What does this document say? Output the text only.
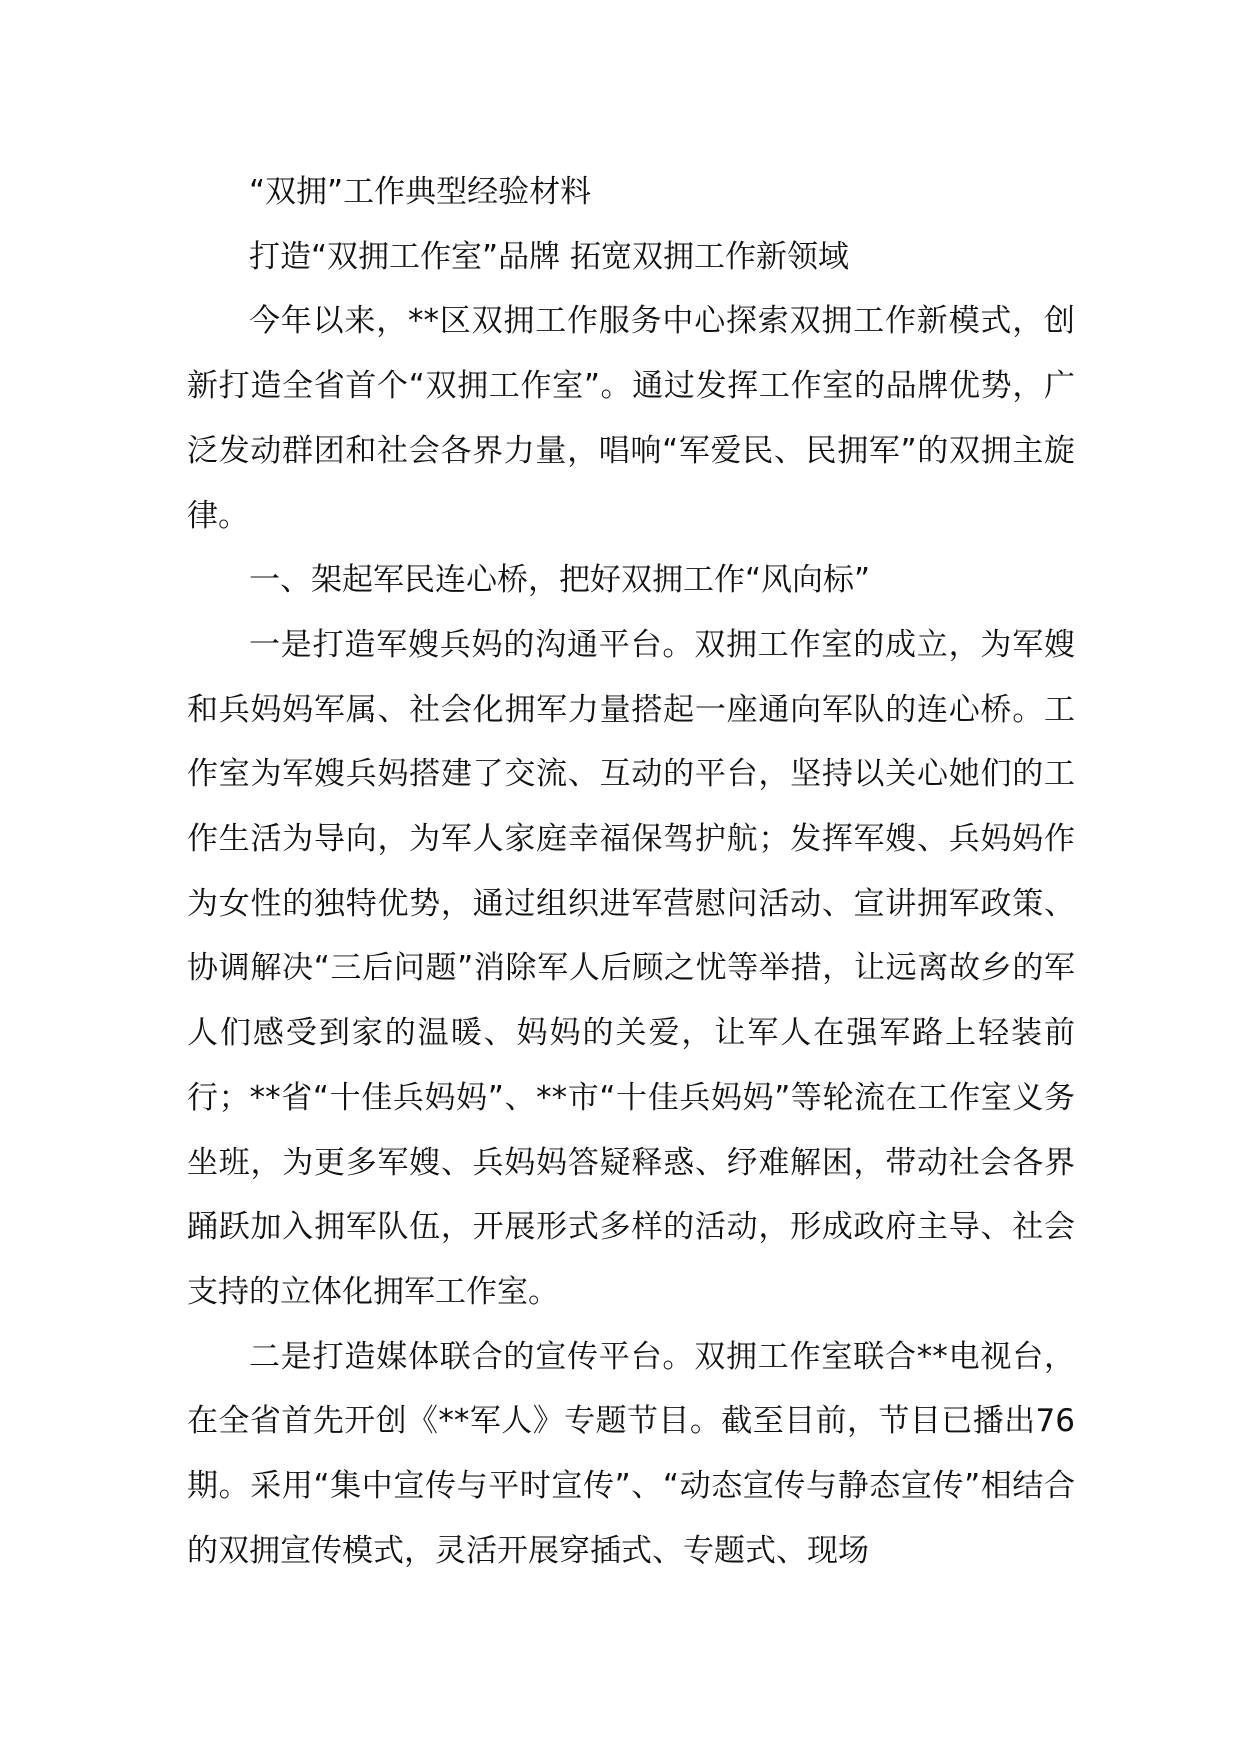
“双拥”工作典型经验材料

打造“双拥工作室”品牌 拓宽双拥工作新领域

今年以来，**区双拥工作服务中心探索双拥工作新模式，创新打造全省首个“双拥工作室”。通过发挥工作室的品牌优势，广泛发动群团和社会各界力量，唱响“军爱民、民拥军”的双拥主旋律。

一、架起军民连心桥，把好双拥工作“风向标”

一是打造军嫂兵妈的沟通平台。双拥工作室的成立，为军嫂和兵妈妈军属、社会化拥军力量搭起一座通向军队的连心桥。工作室为军嫂兵妈搭建了交流、互动的平台，坚持以关心她们的工作生活为导向，为军人家庭幸福保驾护航；发挥军嫂、兵妈妈作为女性的独特优势，通过组织进军营慰问活动、宣讲拥军政策、协调解决“三后问题”消除军人后顾之忧等举措，让远离故乡的军人们感受到家的温暖、妈妈的关爱，让军人在强军路上轻装前行；**省“十佳兵妈妈”、**市“十佳兵妈妈”等轮流在工作室义务坐班，为更多军嫂、兵妈妈答疑释惑、纾难解困，带动社会各界踊跃加入拥军队伍，开展形式多样的活动，形成政府主导、社会支持的立体化拥军工作室。

二是打造媒体联合的宣传平台。双拥工作室联合**电视台，在全省首先开创《**军人》专题节目。截至目前，节目已播出76期。采用“集中宣传与平时宣传”、“动态宣传与静态宣传”相结合的双拥宣传模式，灵活开展穿插式、专题式、现场
